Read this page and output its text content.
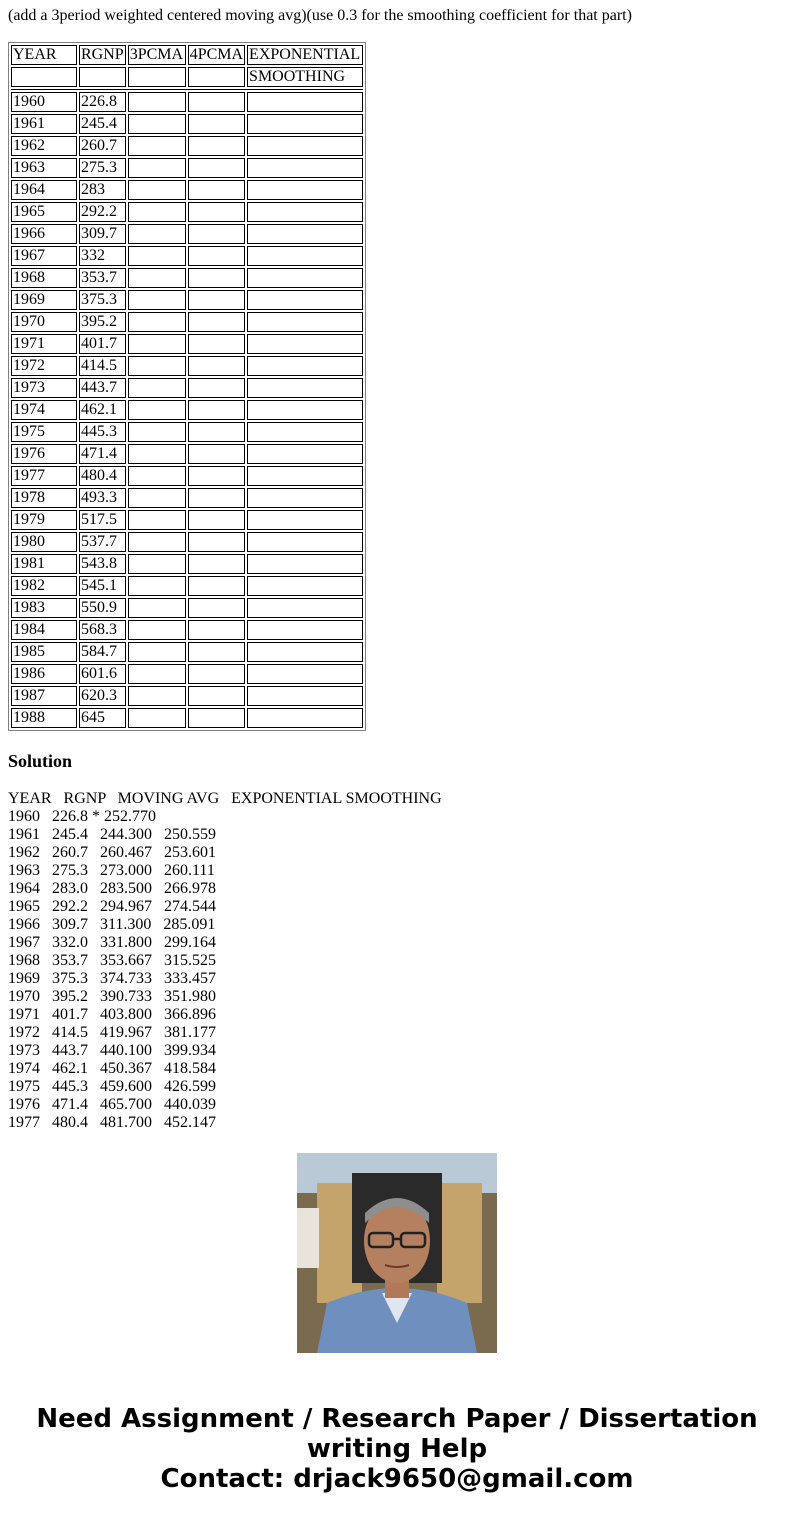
(add a 3period weighted centered moving avg)(use 0.3 for the smoothing coefficient for that part)
YEAR	RGNP	3PCMA	4PCMA	EXPONENTIAL
				SMOOTHING

1960	226.8			
1961	245.4			
1962	260.7			
1963	275.3			
1964	283			
1965	292.2			
1966	309.7			
1967	332			
1968	353.7			
1969	375.3			
1970	395.2			
1971	401.7			
1972	414.5			
1973	443.7			
1974	462.1			
1975	445.3			
1976	471.4			
1977	480.4			
1978	493.3			
1979	517.5			
1980	537.7			
1981	543.8			
1982	545.1			
1983	550.9			
1984	568.3			
1985	584.7			
1986	601.6			
1987	620.3			
1988	645			
Solution
YEAR   RGNP   MOVING AVG   EXPONENTIAL SMOOTHING
1960   226.8 * 252.770
1961   245.4   244.300   250.559
1962   260.7   260.467   253.601
1963   275.3   273.000   260.111
1964   283.0   283.500   266.978
1965   292.2   294.967   274.544
1966   309.7   311.300   285.091
1967   332.0   331.800   299.164
1968   353.7   353.667   315.525
1969   375.3   374.733   333.457
1970   395.2   390.733   351.980
1971   401.7   403.800   366.896
1972   414.5   419.967   381.177
1973   443.7   440.100   399.934
1974   462.1   450.367   418.584
1975   445.3   459.600   426.599
1976   471.4   465.700   440.039
1977   480.4   481.700   452.147
Need Assignment / Research Paper / Dissertation
writing Help
Contact: drjack9650@gmail.com
